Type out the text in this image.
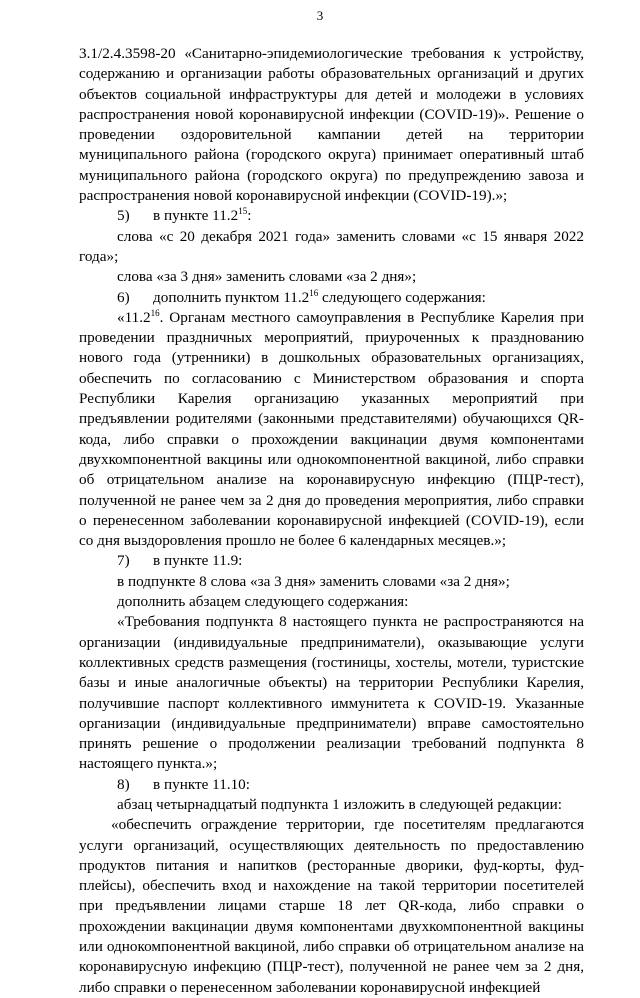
3

3.1/2.4.3598-20 «Санитарно-эпидемиологические требования к устройству, содержанию и организации работы образовательных организаций и других объектов социальной инфраструктуры для детей и молодежи в условиях распространения новой коронавирусной инфекции (COVID-19)». Решение о проведении оздоровительной кампании детей на территории муниципального района (городского округа) принимает оперативный штаб муниципального района (городского округа) по предупреждению завоза и распространения новой коронавирусной инфекции (COVID-19).»;

5) в пункте 11.2$^{15}$:

слова «с 20 декабря 2021 года» заменить словами «с 15 января 2022 года»;

слова «за 3 дня» заменить словами «за 2 дня»;

6) дополнить пунктом 11.2$^{16}$ следующего содержания:

«11.2$^{16}$. Органам местного самоуправления в Республике Карелия при проведении праздничных мероприятий, приуроченных к празднованию нового года (утренники) в дошкольных образовательных организациях, обеспечить по согласованию с Министерством образования и спорта Республики Карелия организацию указанных мероприятий при предъявлении родителями (законными представителями) обучающихся QR-кода, либо справки о прохождении вакцинации двумя компонентами двухкомпонентной вакцины или однокомпонентной вакциной, либо справки об отрицательном анализе на коронавирусную инфекцию (ПЦР-тест), полученной не ранее чем за 2 дня до проведения мероприятия, либо справки о перенесенном заболевании коронавирусной инфекцией (COVID-19), если со дня выздоровления прошло не более 6 календарных месяцев.»;

7) в пункте 11.9:

в подпункте 8 слова «за 3 дня» заменить словами «за 2 дня»;

дополнить абзацем следующего содержания:

«Требования подпункта 8 настоящего пункта не распространяются на организации (индивидуальные предприниматели), оказывающие услуги коллективных средств размещения (гостиницы, хостелы, мотели, туристские базы и иные аналогичные объекты) на территории Республики Карелия, получившие паспорт коллективного иммунитета к COVID-19. Указанные организации (индивидуальные предприниматели) вправе самостоятельно принять решение о продолжении реализации требований подпункта 8 настоящего пункта.»;

8) в пункте 11.10:

абзац четырнадцатый подпункта 1 изложить в следующей редакции:

«обеспечить ограждение территории, где посетителям предлагаются услуги организаций, осуществляющих деятельность по предоставлению продуктов питания и напитков (ресторанные дворики, фуд-корты, фуд-плейсы), обеспечить вход и нахождение на такой территории посетителей при предъявлении лицами старше 18 лет QR-кода, либо справки о прохождении вакцинации двумя компонентами двухкомпонентной вакцины или однокомпонентной вакциной, либо справки об отрицательном анализе на коронавирусную инфекцию (ПЦР-тест), полученной не ранее чем за 2 дня, либо справки о перенесенном заболевании коронавирусной инфекцией
